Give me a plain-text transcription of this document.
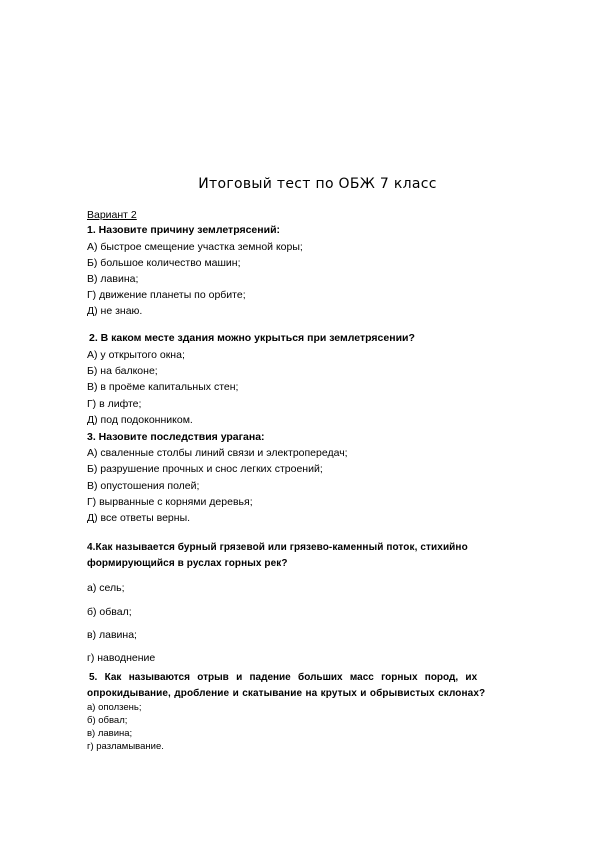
Итоговый тест по ОБЖ 7 класс
Вариант 2
1. Назовите причину землетрясений:
А) быстрое смещение участка земной коры;
Б) большое количество машин;
В) лавина;
Г) движение планеты по орбите;
Д) не знаю.
2. В каком месте здания можно укрыться при землетрясении?
А) у открытого окна;
Б) на балконе;
В) в проёме капитальных стен;
Г) в лифте;
Д) под подоконником.
3. Назовите последствия урагана:
А) сваленные столбы линий связи и электропередач;
Б) разрушение прочных и снос легких строений;
В) опустошения полей;
Г) вырванные с корнями деревья;
Д) все ответы верны.
4.Как называется бурный грязевой или грязево-каменный поток, стихийно
формирующийся в руслах горных рек?
а) сель;
б) обвал;
в) лавина;
г) наводнение
5. Как называются отрыв и падение больших масс горных пород, их
опрокидывание, дробление и скатывание на крутых и обрывистых склонах?
а) оползень;
б) обвал;
в) лавина;
г) разламывание.
